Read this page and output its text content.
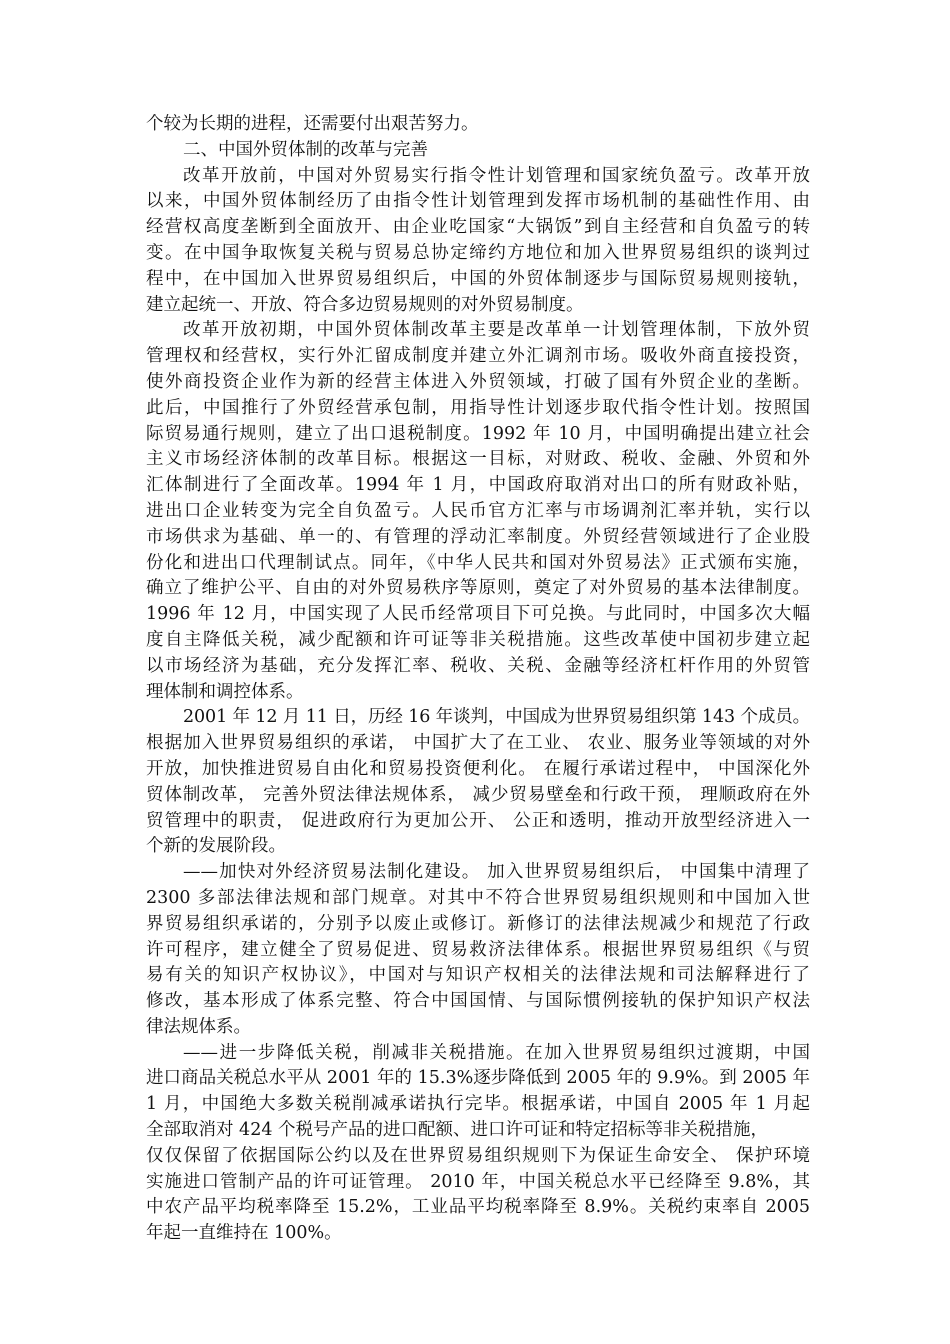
个较为长期的进程，还需要付出艰苦努力。
二、中国外贸体制的改革与完善
改革开放前，中国对外贸易实行指令性计划管理和国家统负盈亏。改革开放
以来，中国外贸体制经历了由指令性计划管理到发挥市场机制的基础性作用、由
经营权高度垄断到全面放开、由企业吃国家“大锅饭”到自主经营和自负盈亏的转
变。在中国争取恢复关税与贸易总协定缔约方地位和加入世界贸易组织的谈判过
程中，在中国加入世界贸易组织后，中国的外贸体制逐步与国际贸易规则接轨，
建立起统一、开放、符合多边贸易规则的对外贸易制度。
改革开放初期，中国外贸体制改革主要是改革单一计划管理体制，下放外贸
管理权和经营权，实行外汇留成制度并建立外汇调剂市场。吸收外商直接投资，
使外商投资企业作为新的经营主体进入外贸领域，打破了国有外贸企业的垄断。
此后，中国推行了外贸经营承包制，用指导性计划逐步取代指令性计划。按照国
际贸易通行规则，建立了出口退税制度。1992 年 10 月，中国明确提出建立社会
主义市场经济体制的改革目标。根据这一目标，对财政、税收、金融、外贸和外
汇体制进行了全面改革。1994 年 1 月，中国政府取消对出口的所有财政补贴，
进出口企业转变为完全自负盈亏。人民币官方汇率与市场调剂汇率并轨，实行以
市场供求为基础、单一的、有管理的浮动汇率制度。外贸经营领域进行了企业股
份化和进出口代理制试点。同年，《中华人民共和国对外贸易法》正式颁布实施，
确立了维护公平、自由的对外贸易秩序等原则，奠定了对外贸易的基本法律制度。
1996 年 12 月，中国实现了人民币经常项目下可兑换。与此同时，中国多次大幅
度自主降低关税，减少配额和许可证等非关税措施。这些改革使中国初步建立起
以市场经济为基础，充分发挥汇率、税收、关税、金融等经济杠杆作用的外贸管
理体制和调控体系。
2001 年 12 月 11 日，历经 16 年谈判，中国成为世界贸易组织第 143 个成员。
根据加入世界贸易组织的承诺， 中国扩大了在工业、 农业、服务业等领域的对外
开放，加快推进贸易自由化和贸易投资便利化。 在履行承诺过程中， 中国深化外
贸体制改革， 完善外贸法律法规体系， 减少贸易壁垒和行政干预， 理顺政府在外
贸管理中的职责， 促进政府行为更加公开、 公正和透明，推动开放型经济进入一
个新的发展阶段。
——加快对外经济贸易法制化建设。 加入世界贸易组织后， 中国集中清理了
2300 多部法律法规和部门规章。对其中不符合世界贸易组织规则和中国加入世
界贸易组织承诺的，分别予以废止或修订。新修订的法律法规减少和规范了行政
许可程序，建立健全了贸易促进、贸易救济法律体系。根据世界贸易组织《与贸
易有关的知识产权协议》，中国对与知识产权相关的法律法规和司法解释进行了
修改，基本形成了体系完整、符合中国国情、与国际惯例接轨的保护知识产权法
律法规体系。
——进一步降低关税，削减非关税措施。在加入世界贸易组织过渡期，中国
进口商品关税总水平从 2001 年的 15.3%逐步降低到 2005 年的 9.9%。到 2005 年
1 月，中国绝大多数关税削减承诺执行完毕。根据承诺，中国自 2005 年 1 月起
全部取消对 424 个税号产品的进口配额、进口许可证和特定招标等非关税措施，
仅仅保留了依据国际公约以及在世界贸易组织规则下为保证生命安全、 保护环境
实施进口管制产品的许可证管理。 2010 年，中国关税总水平已经降至 9.8%，其
中农产品平均税率降至 15.2%，工业品平均税率降至 8.9%。关税约束率自 2005
年起一直维持在 100%。
